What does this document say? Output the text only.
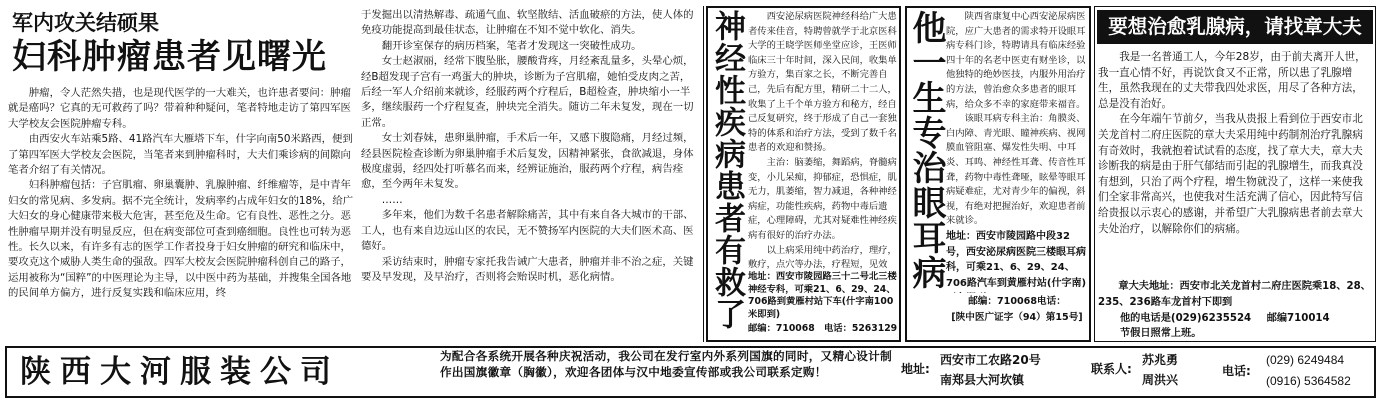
军内攻关结硕果
妇科肿瘤患者见曙光

肿瘤，令人茫然失措，也是现代医学的一大难关，也许患者要问：肿瘤就是癌吗？它真的无可救药了吗？带着种种疑问，笔者特地走访了第四军医大学校友会医院肿瘤专科。

由西安火车站乘5路、41路汽车大雁塔下车，什字向南50米路西，便到了第四军医大学校友会医院，当笔者来到肿瘤科时，大夫们乘诊病的间隙向笔者介绍了有关情况。

妇科肿瘤包括：子宫肌瘤、卵巢囊肿、乳腺肿瘤、纤维瘤等，是中青年妇女的常见病、多发病。据不完全统计，发病率约占成年妇女的18%，给广大妇女的身心健康带来极大危害，甚至危及生命。它有良性、恶性之分。恶性肿瘤早期并没有明显反应，但在病变部位可查到癌细胞。良性也可转为恶性。长久以来，有许多有志的医学工作者投身于妇女肿瘤的研究和临床中，要攻克这个威胁人类生命的强敌。四军大校友会医院肿瘤科创自己的路子，运用被称为“国粹”的中医理论为主导，以中医中药为基础，并搜集全国各地的民间单方偏方，进行反复实践和临床应用，终

于发掘出以清热解毒、疏通气血、软坚散结、活血破瘀的方法，使人体的免疫功能提高到最佳状态，让肿瘤在不知不觉中软化、消失。

翻开诊室保存的病历档案，笔者才发现这一突破性成功。

女士赵淑丽，经常下腹坠胀，腰酸背疼，月经紊乱量多，头晕心烦，经B超发现子宫有一鸡蛋大的肿块，诊断为子宫肌瘤，她怕受皮肉之苦，后经一军人介绍前来就诊，经服药两个疗程后，B超检查，肿块缩小一半多，继续服药一个疗程复查，肿块完全消失。随访二年未复发，现在一切正常。

女士刘春妹，患卵巢肿瘤，手术后一年，又感下腹隐痛，月经过频，经县医院检查诊断为卵巢肿瘤手术后复发，因精神紧张，食欲减退，身体极度虚弱，经四处打听慕名而来，经辨证施治，服药两个疗程，病告痊愈，至今两年未复发。

……

多年来，他们为数千名患者解除痛苦，其中有来自各大城市的干部、工人，也有来自边远山区的农民，无不赞扬军内医院的大夫们医术高、医德好。

采访结束时，肿瘤专家托我告诫广大患者，肿瘤并非不治之症，关键要及早发现，及早治疗，否则将会贻误时机，恶化病情。	神经性疾病患者有救了	西安泌尿病医院神经科给广大患者传来佳音，特聘曾就学于北京医科大学的王晓学医师坐堂应诊，王医师临床三十年时间，深入民间，收集单方验方，集百家之长，不断完善自己，先后有配方里，精研二十二人，收集了上千个单方验方和秘方，经自己反复研究，终于形成了自己一套独特的体系和治疗方法，受到了数千名患者的欢迎和赞扬。

主治：脑萎缩，舞蹈病，脊髓病变，小儿呆痴，抑郁症，恐惧症，肌无力，肌萎缩，智力减退，各种神经病症，功能性疾病，药物中毒后遗症，心理障碍，尤其对疑难性神经疾病有很好的治疗办法。

以上病采用纯中药治疗，理疗，敷疗，点穴等办法，疗程短，见效

地址：西安市陵园路三十二号北三楼神经专科，可乘21、6、29、24、706路到黄雁村站下车(什字南100米即到)
邮编：710068 电话：5263129
他一生专治眼耳病	陕西省康复中心西安泌尿病医院，应广大患者的需求特开设眼耳病专科门诊，特聘请具有临床经验四十年的名老中医吏有财坐诊，以他独特的绝妙医技，内服外用治疗的方法，曾治愈众多患者的眼耳病，给众多不幸的家庭带来福音。

该眼耳病专科主治：角膜炎、白内障、青光眼、瞳神疾病、视网膜血管阻塞、爆发性失明、中耳炎、耳鸣、神经性耳聋、传音性耳聋，药物中毒性聋哑，眩晕等眼耳病疑难症，尤对青少年的偏视，斜视，有绝对把握治好，欢迎患者前来就诊。

地址：西安市陵园路中段32号，西安泌尿病医院三楼眼耳病科，可乘21、6、29、24、706路汽车到黄雁村站(什字南)
邮编：710068电话：
[陕中医广证字（94）第15号]
要想治愈乳腺病，请找章大夫

我是一名普通工人，今年28岁，由于前夫离开人世，我一直心情不好，再说饮食又不正常，所以患了乳腺增生，虽然我现在的丈夫带我四处求医，用尽了各种方法，总是没有治好。

在今年端午节前夕，当我从贵报上看到位于西安市北关龙首村二府庄医院的章大夫采用纯中药制剂治疗乳腺病有奇效时，我就抱着试试看的态度，找了章大夫，章大夫诊断我的病是由于肝气郁结而引起的乳腺增生，而我真没有想到，只治了两个疗程，增生物就没了，这样一来使我们全家非常高兴，也使我对生活充满了信心，因此特写信给贵报以示衷心的感谢，并希望广大乳腺病患者前去章大夫处治疗，以解除你们的病痛。

章大夫地址：西安市北关龙首村二府庄医院乘18、28、235、236路车龙首村下即到
他的电话是(029)6235524 邮编710014
节假日照常上班。
陕西大河服装公司	为配合各系统开展各种庆祝活动，我公司在发行室内外系列国旗的同时，又精心设计制作出国旗徽章（胸徽），欢迎各团体与汉中地委宣传部或我公司联系定购！	地址:
西安市工农路20号
南郑县大河坎镇
联系人:
苏兆勇
周洪兴
电话:
(029) 6249484
(0916) 5364582
